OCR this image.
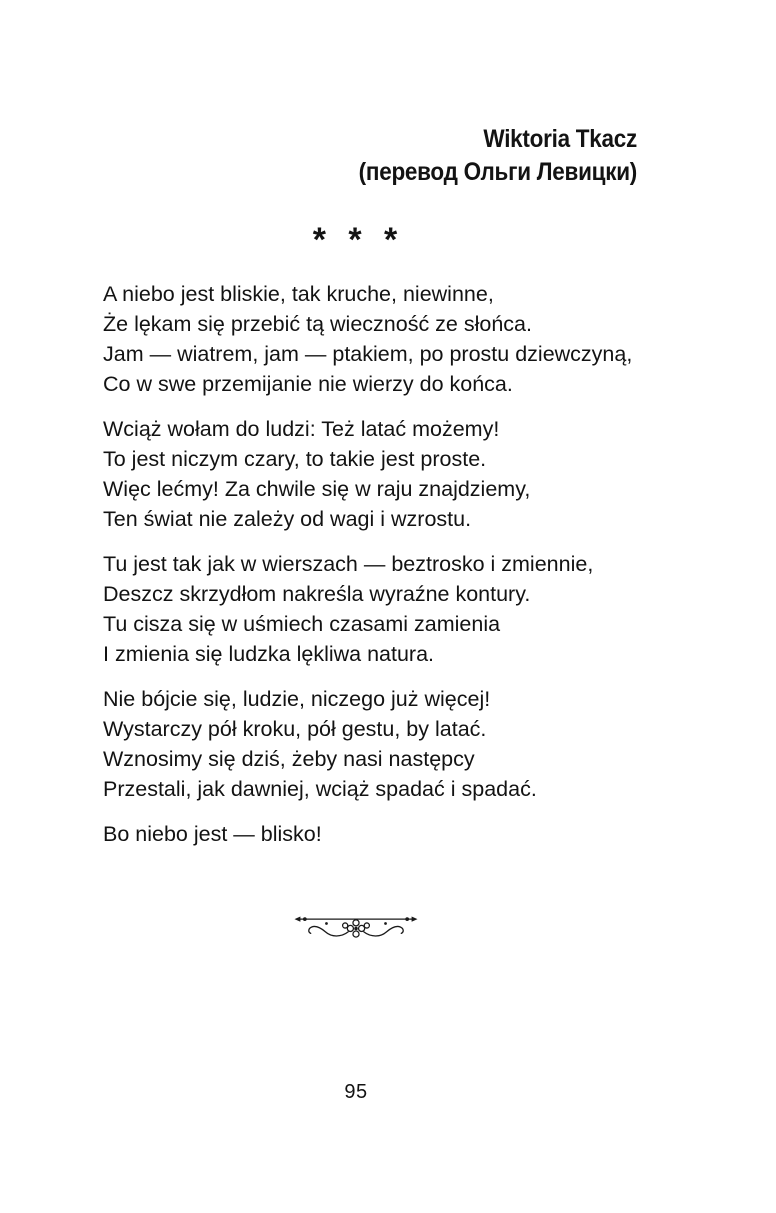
Wiktoria Tkacz
(перевод Ольги Левицки)
* * *

A niebo jest bliskie, tak kruche, niewinne,
Że lękam się przebić tą wieczność ze słońca.
Jam — wiatrem, jam — ptakiem, po prostu dziewczyną,
Co w swe przemijanie nie wierzy do końca.

Wciąż wołam do ludzi: Też latać możemy!
To jest niczym czary, to takie jest proste.
Więc lećmy! Za chwile się w raju znajdziemy,
Ten świat nie zależy od wagi i wzrostu.

Tu jest tak jak w wierszach — beztrosko i zmiennie,
Deszcz skrzydłom nakreśla wyraźne kontury.
Tu cisza się w uśmiech czasami zamienia
I zmienia się ludzka lękliwa natura.

Nie bójcie się, ludzie, niczego już więcej!
Wystarczy pół kroku, pół gestu, by latać.
Wznosimy się dziś, żeby nasi następcy
Przestali, jak dawniej, wciąż spadać i spadać.

Bo niebo jest — blisko!

95
